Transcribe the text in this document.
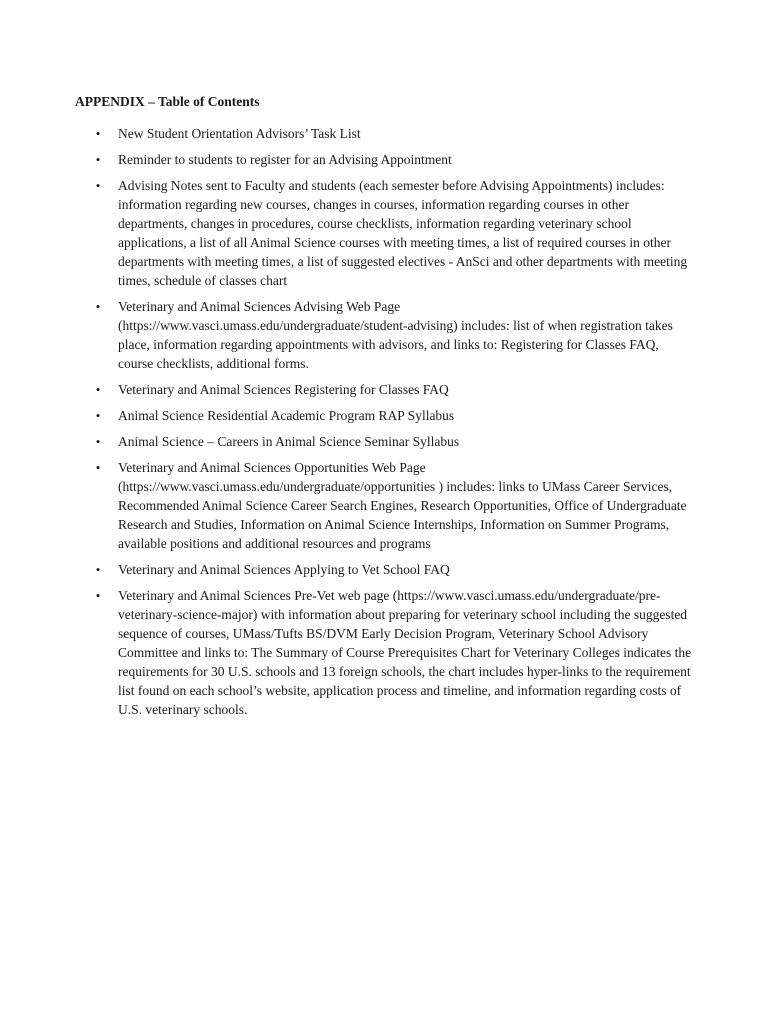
APPENDIX – Table of Contents
• New Student Orientation Advisors’ Task List
• Reminder to students to register for an Advising Appointment
• Advising Notes sent to Faculty and students (each semester before Advising Appointments) includes: information regarding new courses, changes in courses, information regarding courses in other departments, changes in procedures, course checklists, information regarding veterinary school applications, a list of all Animal Science courses with meeting times, a list of required courses in other departments with meeting times, a list of suggested electives - AnSci and other departments with meeting times, schedule of classes chart
• Veterinary and Animal Sciences Advising Web Page (https://www.vasci.umass.edu/undergraduate/student-advising) includes: list of when registration takes place, information regarding appointments with advisors, and links to: Registering for Classes FAQ, course checklists, additional forms.
• Veterinary and Animal Sciences Registering for Classes FAQ
• Animal Science Residential Academic Program RAP Syllabus
• Animal Science – Careers in Animal Science Seminar Syllabus
• Veterinary and Animal Sciences Opportunities Web Page (https://www.vasci.umass.edu/undergraduate/opportunities ) includes: links to UMass Career Services, Recommended Animal Science Career Search Engines, Research Opportunities, Office of Undergraduate Research and Studies, Information on Animal Science Internships, Information on Summer Programs, available positions and additional resources and programs
• Veterinary and Animal Sciences Applying to Vet School FAQ
• Veterinary and Animal Sciences Pre-Vet web page (https://www.vasci.umass.edu/undergraduate/pre-veterinary-science-major) with information about preparing for veterinary school including the suggested sequence of courses, UMass/Tufts BS/DVM Early Decision Program, Veterinary School Advisory Committee and links to: The Summary of Course Prerequisites Chart for Veterinary Colleges indicates the requirements for 30 U.S. schools and 13 foreign schools, the chart includes hyper-links to the requirement list found on each school’s website, application process and timeline, and information regarding costs of U.S. veterinary schools.
